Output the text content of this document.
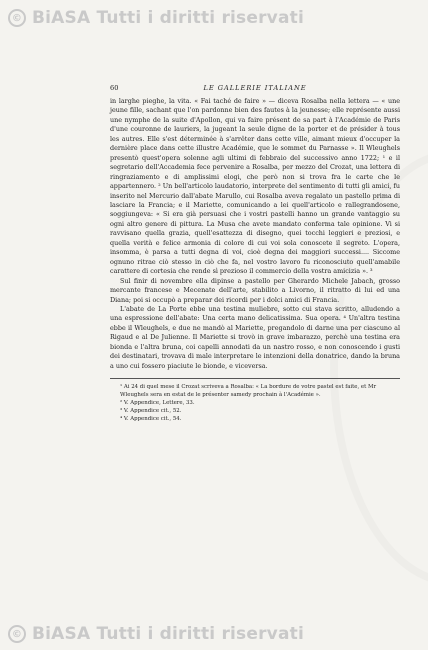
© BiASA Tutti i diritti riservati
60	LE GALLERIE ITALIANE

in larghe pieghe, la vita. « Fai taché de faire » — diceva Rosalba nella lettera — « une jeune fille, sachant que l'on pardonne bien des fautes à la jeunesse; elle représente aussi une nymphe de la suite d'Apollon, qui va faire présent de sa part à l'Académie de Paris d'une couronne de lauriers, la jugeant la seule digne de la porter et de présider à tous les autres. Elle s'est déterminée à s'arrêter dans cette ville, aimant mieux d'occuper la dernière place dans cette illustre Académie, que le sommet du Parnasse ». Il Wleughels presentò quest'opera solenne agli ultimi di febbraio del successivo anno 1722; ¹ e il segretario dell'Accademia fece pervenire a Rosalba, per mezzo del Crozat, una lettera di ringraziamento e di amplissimi elogi, che però non si trova fra le carte che le appartennero. ² Un bell'articolo laudatorio, interprete del sentimento di tutti gli amici, fu inserito nel Mercurio dall'abate Marullo, cui Rosalba aveva regalato un pastello prima di lasciare la Francia; e il Mariette, comunicando a lei quell'articolo e rallegrandosene, soggiungeva: « Si era già persuasi che i vostri pastelli hanno un grande vantaggio su ogni altro genere di pittura. La Musa che avete mandato conferma tale opinione. Vi si ravvisano quella grazia, quell'esattezza di disegno, quei tocchi leggieri e preziosi, e quella verità e felice armonia di colore di cui voi sola conoscete il segreto. L'opera, insomma, è parsa a tutti degna di voi, cioè degna dei maggiori successi.... Siccome ognuno ritrae ciò stesso in ciò che fa, nel vostro lavoro fu riconosciuto quell'amabile carattere di cortesia che rende sì prezioso il commercio della vostra amicizia ». ³

Sul finir di novembre ella dipinse a pastello per Gherardo Michele Jabach, grosso mercante francese e Mecenate dell'arte, stabilito a Livorno, il ritratto di lui ed una Diana; poi si occupò a preparar dei ricordi per i dolci amici di Francia.

L'abate de La Porte ebbe una testina muliebre, sotto cui stava scritto, alludendo a una espressione dell'abate: Una certa mano delicatissima. Sua opera. ⁴ Un'altra testina ebbe il Wleughels, e due ne mandò al Mariette, pregandolo di darne una per ciascuno al Rigaud e al De Julienne. Il Mariette si trovò in grave imbarazzo, perchè una testina era bionda e l'altra bruna, coi capelli annodati da un nastro rosso, e non conoscendo i gusti dei destinatari, trovava di male interpretare le intenzioni della donatrice, dando la bruna a uno cui fossero piaciute le bionde, e viceversa.

¹ Ai 24 di quel mese il Crozat scriveva a Rosalba: « La bordure de votre pastel est faite, et Mr Wleughels sera en estat de le présenter samedy prochain à l'Académie ».

² V. Appendice, Lettere, 33.

³ V. Appendice cit., 52.

⁴ V. Appendice cit., 54.

© BiASA Tutti i diritti riservati
